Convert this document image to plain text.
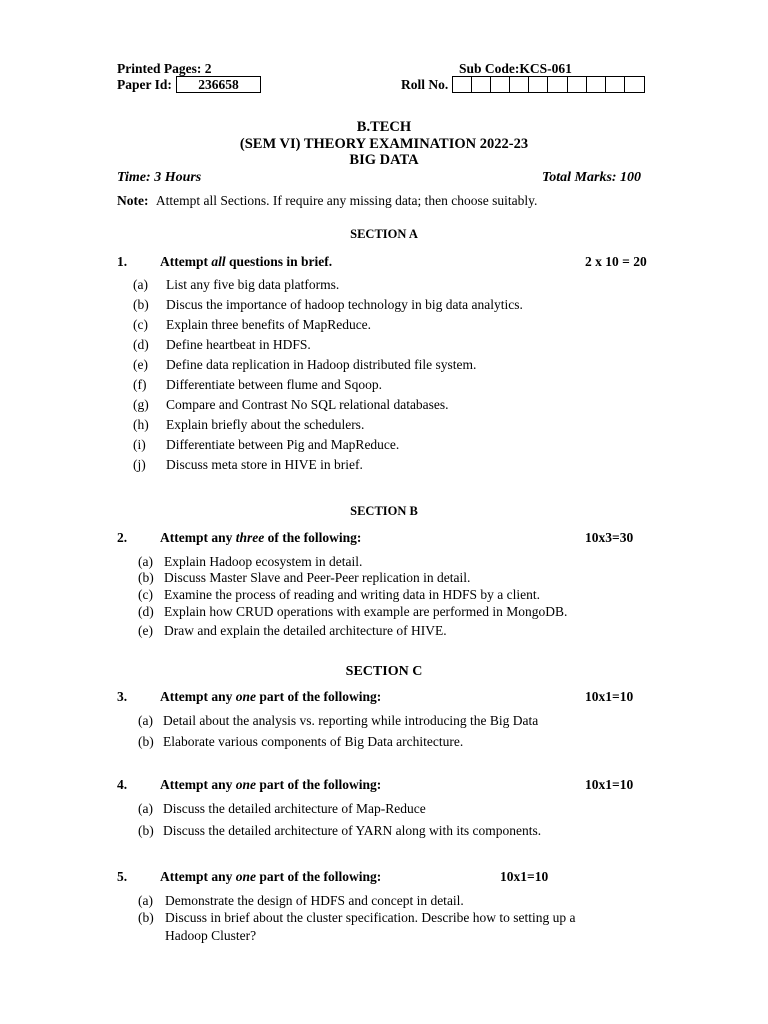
Printed Pages: 2
Paper Id:	236658
Sub Code:KCS-061
Roll No.
B.TECH
(SEM VI) THEORY EXAMINATION 2022-23
BIG DATA
Time: 3 Hours	Total Marks: 100
Note: Attempt all Sections. If require any missing data; then choose suitably.
SECTION A
1. Attempt all questions in brief.	2 x 10 = 20
(a) List any five big data platforms.
(b) Discus the importance of hadoop technology in big data analytics.
(c) Explain three benefits of MapReduce.
(d) Define heartbeat in HDFS.
(e) Define data replication in Hadoop distributed file system.
(f) Differentiate between flume and Sqoop.
(g) Compare and Contrast No SQL relational databases.
(h) Explain briefly about the schedulers.
(i) Differentiate between Pig and MapReduce.
(j) Discuss meta store in HIVE in brief.
SECTION B
2. Attempt any three of the following:	10x3=30
(a) Explain Hadoop ecosystem in detail.
(b) Discuss Master Slave and Peer-Peer replication in detail.
(c) Examine the process of reading and writing data in HDFS by a client.
(d) Explain how CRUD operations with example are performed in MongoDB.
(e) Draw and explain the detailed architecture of HIVE.
SECTION C
3. Attempt any one part of the following:	10x1=10
(a) Detail about the analysis vs. reporting while introducing the Big Data
(b) Elaborate various components of Big Data architecture.
4. Attempt any one part of the following:	10x1=10
(a) Discuss the detailed architecture of Map-Reduce
(b) Discuss the detailed architecture of YARN along with its components.
5. Attempt any one part of the following:	10x1=10
(a) Demonstrate the design of HDFS and concept in detail.
(b) Discuss in brief about the cluster specification. Describe how to setting up a
Hadoop Cluster?
